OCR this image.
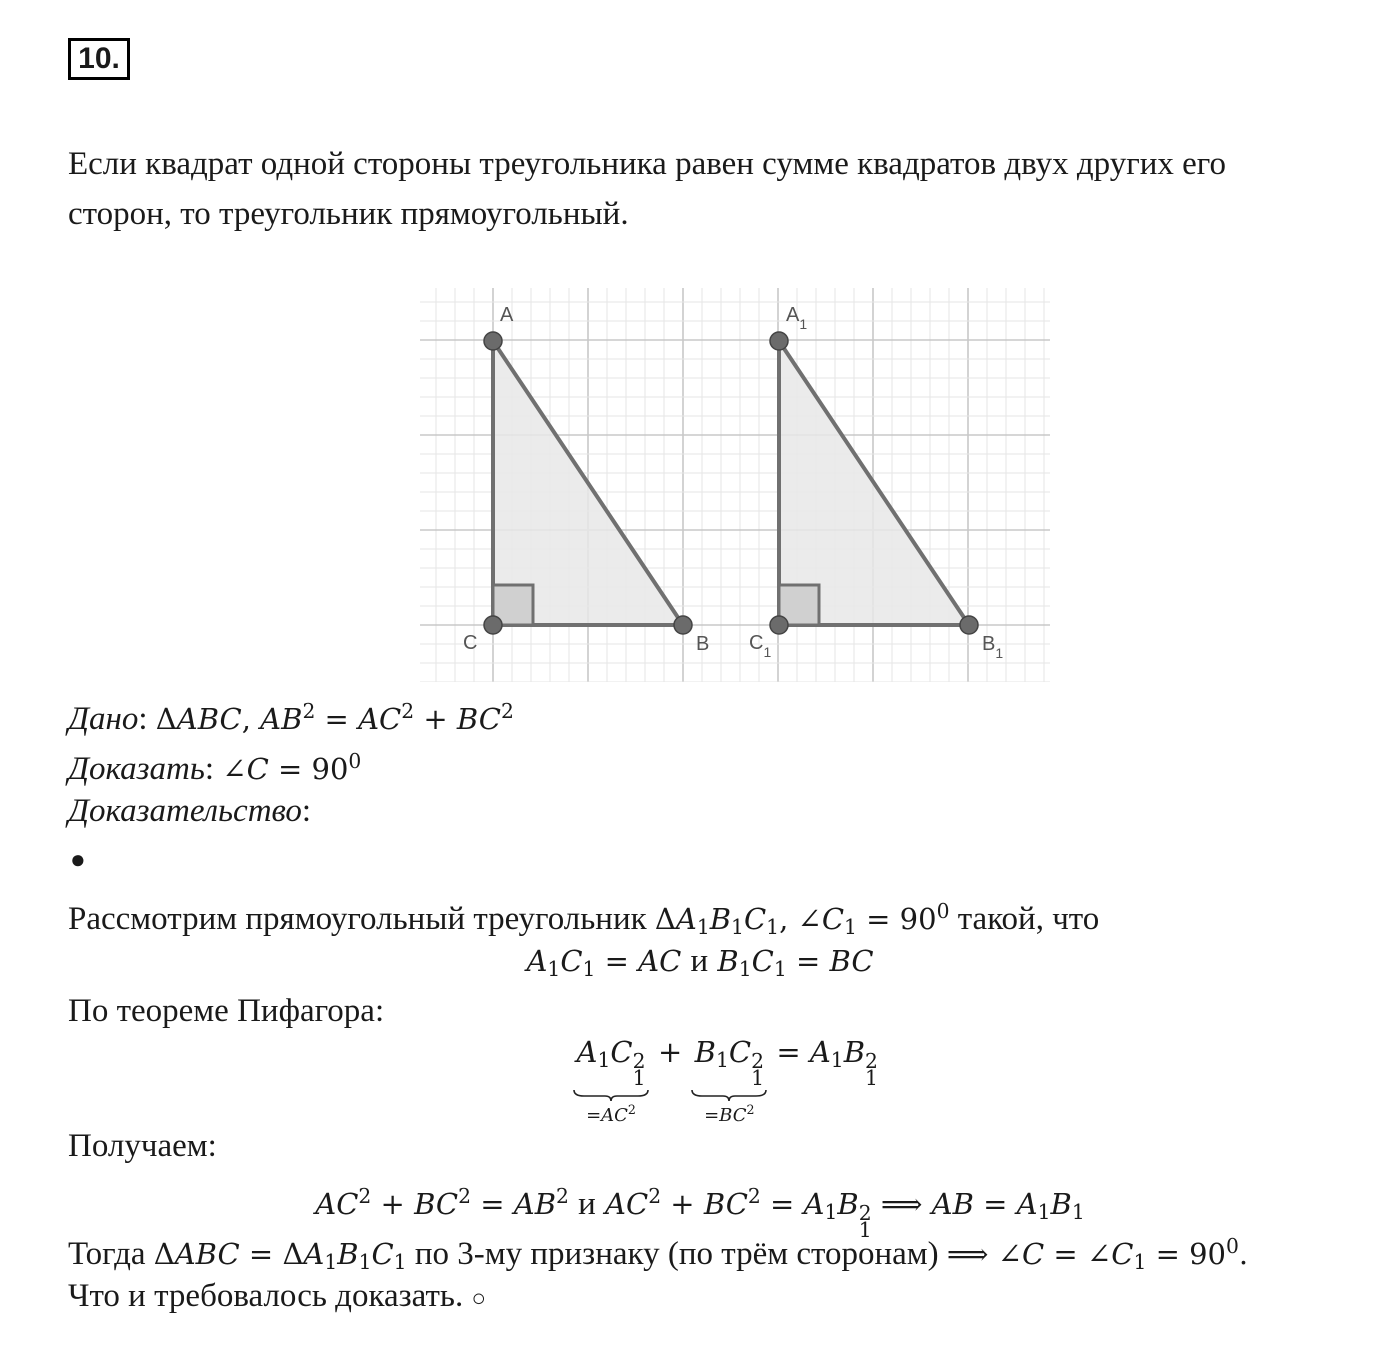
10.
Если квадрат одной стороны треугольника равен сумме квадратов двух других его
сторон, то треугольник прямоугольный.
A
C	B
$A_1$
$C_1$	$B_1$
Дано: ΔABC, $AB^2 = AC^2 + BC^2$
Доказать: ∠C = $90^0$
Доказательство:
●
Рассмотрим прямоугольный треугольник $\Delta A_1B_1C_1$, $\angle C_1 = 90^0$ такой, что
$A_1C_1$ = AC и $B_1C_1$ = BC
По теореме Пифагора:
$A_1C$ 2
1
$=AC^2$
+ $B_1C$ 2
1
$=BC^2$
= $A_1B$ 2
1
Получаем:
$AC^2 + BC^2 = AB^2$ и $AC^2 + BC^2 = A_1B$ 2
1
⟹ AB = $A_1B_1$
Тогда $\Delta ABC = \Delta A_1B_1C_1$ по 3-му признаку (по трём сторонам) ⟹ ∠C = $\angle C_1 = 90^0$.
Что и требовалось доказать. ○
